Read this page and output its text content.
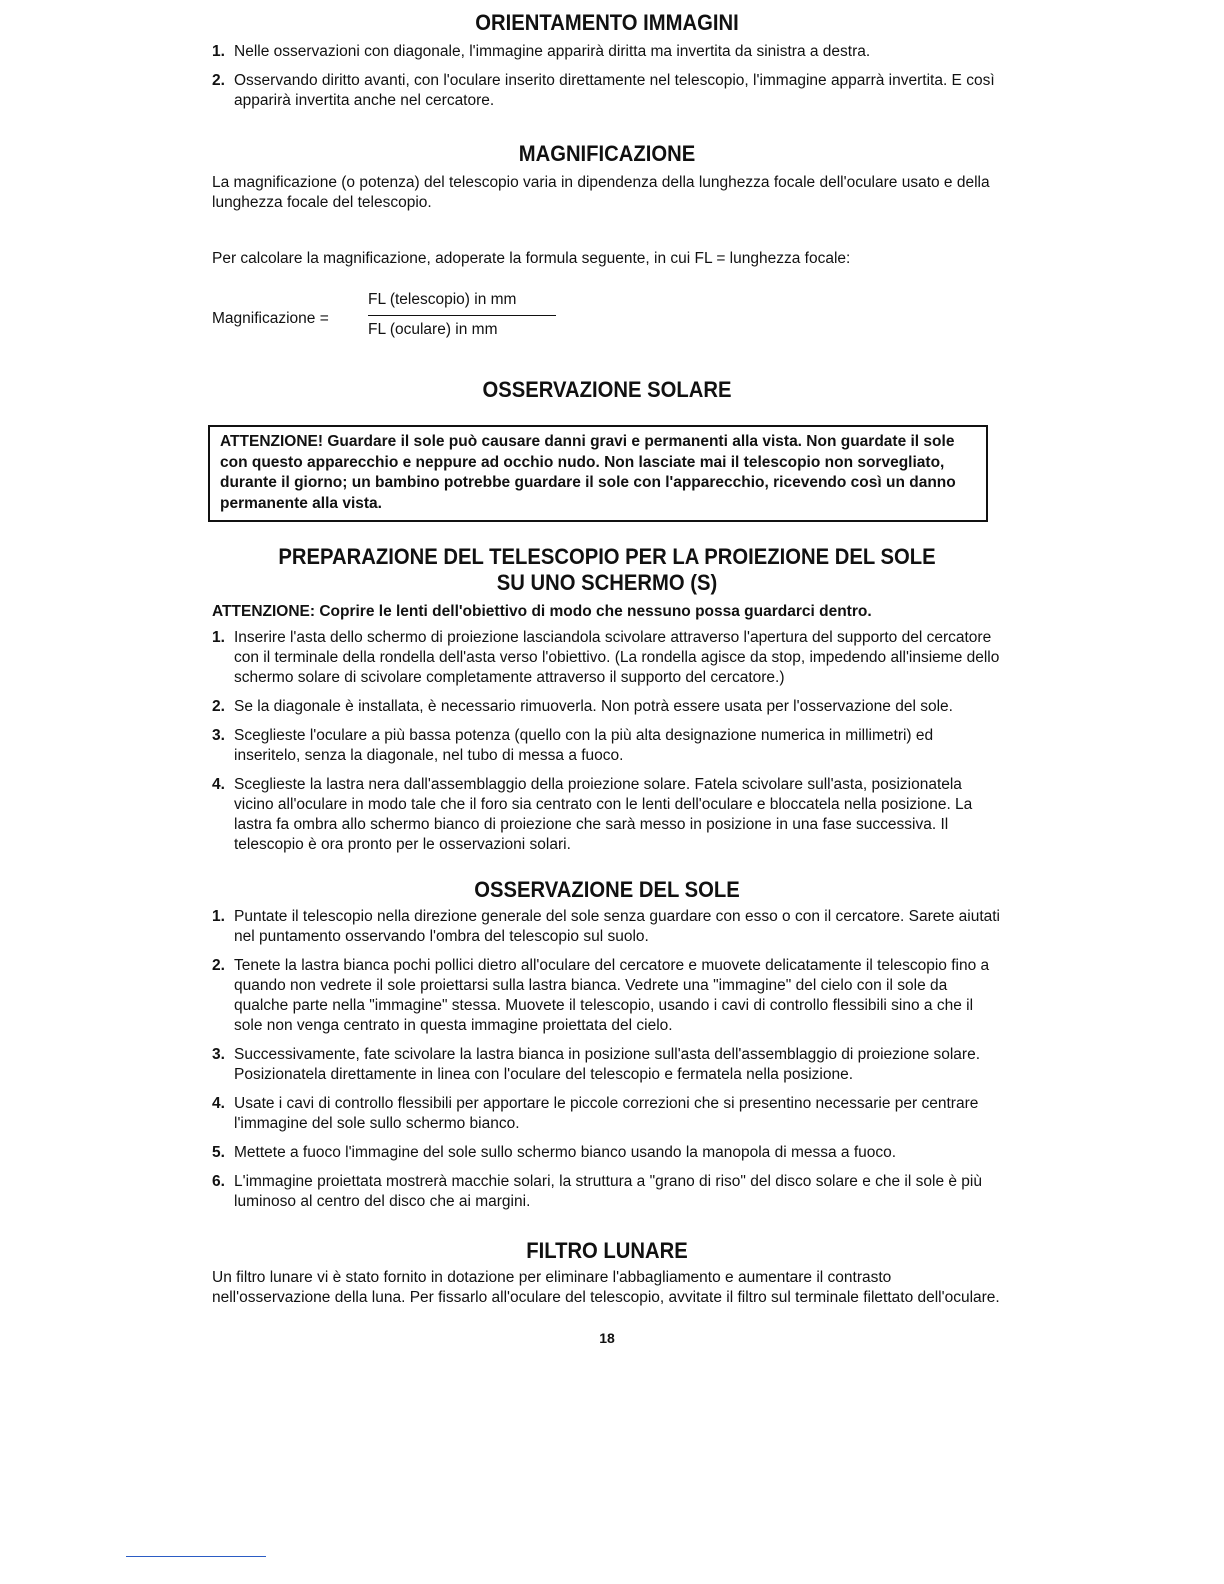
ORIENTAMENTO IMMAGINI
1. Nelle osservazioni con diagonale, l'immagine apparirà diritta ma invertita da sinistra a destra.
2. Osservando diritto avanti, con l'oculare inserito direttamente nel telescopio, l'immagine apparrà invertita. E così apparirà invertita anche nel cercatore.
MAGNIFICAZIONE

La magnificazione (o potenza) del telescopio varia in dipendenza della lunghezza focale dell'oculare usato e della lunghezza focale del telescopio.

Per calcolare la magnificazione, adoperate la formula seguente, in cui FL = lunghezza focale:

Magnificazione =
FL (telescopio) in mm
FL (oculare) in mm
OSSERVAZIONE SOLARE

ATTENZIONE! Guardare il sole può causare danni gravi e permanenti alla vista. Non guardate il sole con questo apparecchio e neppure ad occhio nudo. Non lasciate mai il telescopio non sorvegliato, durante il giorno; un bambino potrebbe guardare il sole con l'apparecchio, ricevendo così un danno permanente alla vista.

PREPARAZIONE DEL TELESCOPIO PER LA PROIEZIONE DEL SOLE
SU UNO SCHERMO (S)

ATTENZIONE: Coprire le lenti dell'obiettivo di modo che nessuno possa guardarci dentro.

1. Inserire l'asta dello schermo di proiezione lasciandola scivolare attraverso l'apertura del supporto del cercatore con il terminale della rondella dell'asta verso l'obiettivo. (La rondella agisce da stop, impedendo all'insieme dello schermo solare di scivolare completamente attraverso il supporto del cercatore.)
2. Se la diagonale è installata, è necessario rimuoverla. Non potrà essere usata per l'osservazione del sole.
3. Sceglieste l'oculare a più bassa potenza (quello con la più alta designazione numerica in millimetri) ed inseritelo, senza la diagonale, nel tubo di messa a fuoco.
4. Sceglieste la lastra nera dall'assemblaggio della proiezione solare. Fatela scivolare sull'asta, posizionatela vicino all'oculare in modo tale che il foro sia centrato con le lenti dell'oculare e bloccatela nella posizione. La lastra fa ombra allo schermo bianco di proiezione che sarà messo in posizione in una fase successiva. Il telescopio è ora pronto per le osservazioni solari.
OSSERVAZIONE DEL SOLE
1. Puntate il telescopio nella direzione generale del sole senza guardare con esso o con il cercatore. Sarete aiutati nel puntamento osservando l'ombra del telescopio sul suolo.
2. Tenete la lastra bianca pochi pollici dietro all'oculare del cercatore e muovete delicatamente il telescopio fino a quando non vedrete il sole proiettarsi sulla lastra bianca. Vedrete una "immagine" del cielo con il sole da qualche parte nella "immagine" stessa. Muovete il telescopio, usando i cavi di controllo flessibili sino a che il sole non venga centrato in questa immagine proiettata del cielo.
3. Successivamente, fate scivolare la lastra bianca in posizione sull'asta dell'assemblaggio di proiezione solare. Posizionatela direttamente in linea con l'oculare del telescopio e fermatela nella posizione.
4. Usate i cavi di controllo flessibili per apportare le piccole correzioni che si presentino necessarie per centrare l'immagine del sole sullo schermo bianco.
5. Mettete a fuoco l'immagine del sole sullo schermo bianco usando la manopola di messa a fuoco.
6. L'immagine proiettata mostrerà macchie solari, la struttura a "grano di riso" del disco solare e che il sole è più luminoso al centro del disco che ai margini.
FILTRO LUNARE

Un filtro lunare vi è stato fornito in dotazione per eliminare l'abbagliamento e aumentare il contrasto nell'osservazione della luna. Per fissarlo all'oculare del telescopio, avvitate il filtro sul terminale filettato dell'oculare.

18
